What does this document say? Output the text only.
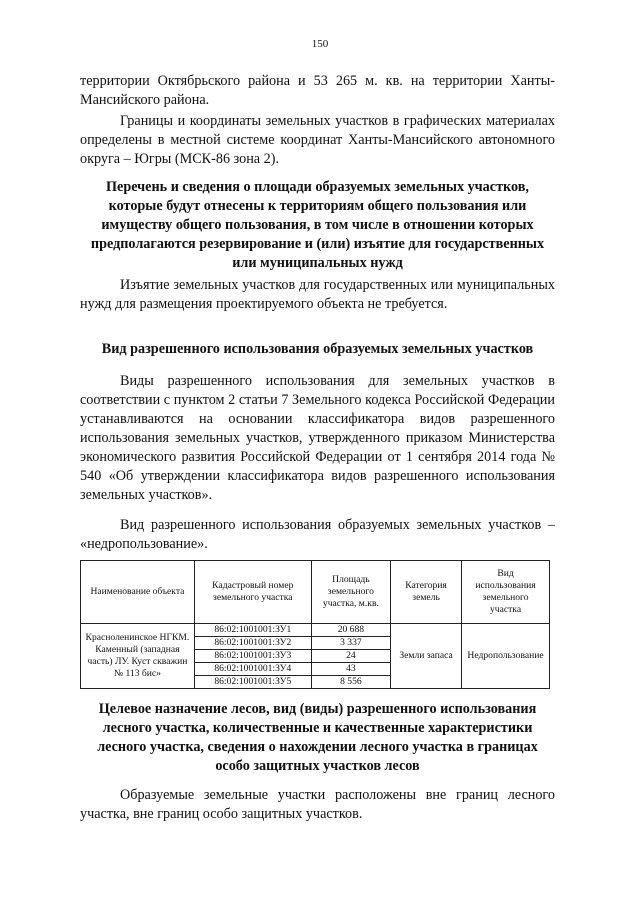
150

территории Октябрьского района и 53 265 м. кв. на территории Ханты-Мансийского района.

Границы и координаты земельных участков в графических материалах определены в местной системе координат Ханты-Мансийского автономного округа – Югры (МСК-86 зона 2).

Перечень и сведения о площади образуемых земельных участков, которые будут отнесены к территориям общего пользования или имуществу общего пользования, в том числе в отношении которых предполагаются резервирование и (или) изъятие для государственных или муниципальных нужд

Изъятие земельных участков для государственных или муниципальных нужд для размещения проектируемого объекта не требуется.

Вид разрешенного использования образуемых земельных участков

Виды разрешенного использования для земельных участков в соответствии с пунктом 2 статьи 7 Земельного кодекса Российской Федерации устанавливаются на основании классификатора видов разрешенного использования земельных участков, утвержденного приказом Министерства экономического развития Российской Федерации от 1 сентября 2014 года № 540 «Об утверждении классификатора видов разрешенного использования земельных участков».

Вид разрешенного использования образуемых земельных участков – «недропользование».

Наименование объекта	Кадастровый номер земельного участка	Площадь земельного участка, м.кв.	Категория земель	Вид использования земельного участка
Красноленинское НГКМ. Каменный (западная часть) ЛУ. Куст скважин № 113 бис»	86:02:1001001:ЗУ1	20 688	Земли запаса	Недропользование
	86:02:1001001:ЗУ2	3 337		
	86:02:1001001:ЗУ3	24		
	86:02:1001001:ЗУ4	43		
	86:02:1001001:ЗУ5	8 556		
Целевое назначение лесов, вид (виды) разрешенного использования лесного участка, количественные и качественные характеристики лесного участка, сведения о нахождении лесного участка в границах особо защитных участков лесов

Образуемые земельные участки расположены вне границ лесного участка, вне границ особо защитных участков.
